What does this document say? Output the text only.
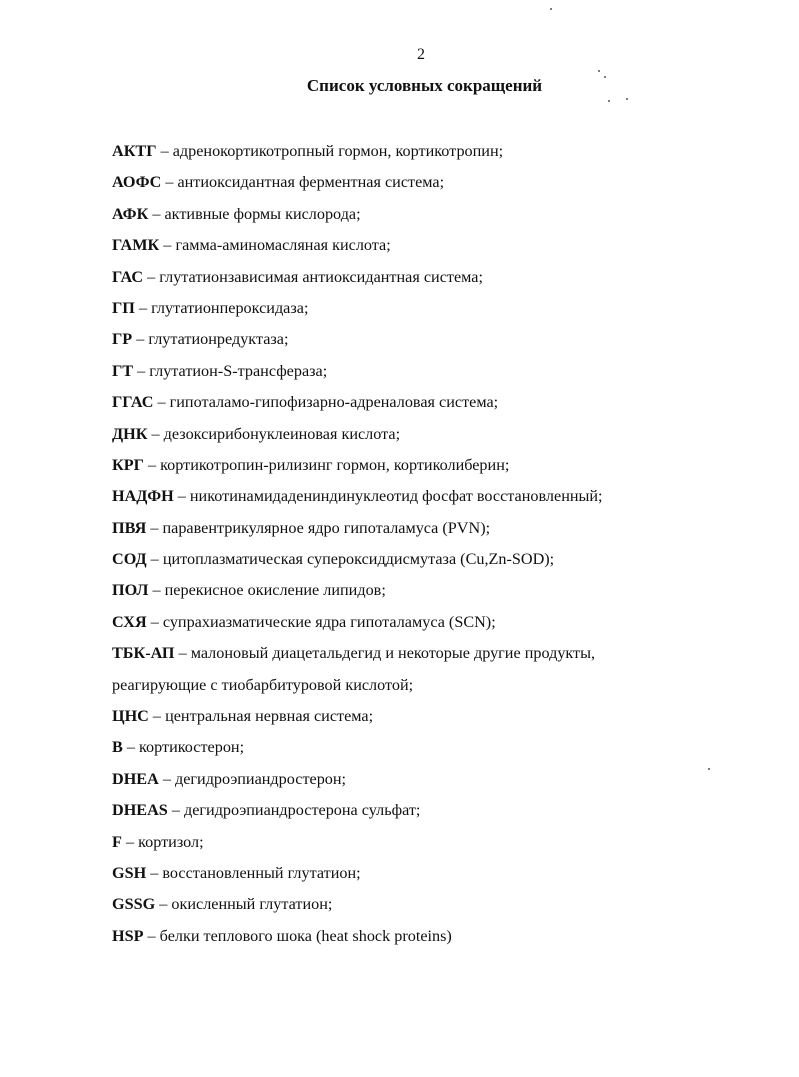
2
Список условных сокращений
АКТГ – адренокортикотропный гормон, кортикотропин;
АОФС – антиоксидантная ферментная система;
АФК – активные формы кислорода;
ГАМК – гамма-аминомасляная кислота;
ГАС – глутатионзависимая антиоксидантная система;
ГП – глутатионпероксидаза;
ГР – глутатионредуктаза;
ГТ – глутатион-S-трансфераза;
ГГАС – гипоталамо-гипофизарно-адреналовая система;
ДНК – дезоксирибонуклеиновая кислота;
КРГ – кортикотропин-рилизинг гормон, кортиколиберин;
НАДФН – никотинамидадениндинуклеотид фосфат восстановленный;
ПВЯ – паравентрикулярное ядро гипоталамуса (PVN);
СОД – цитоплазматическая супероксиддисмутаза (Cu,Zn-SOD);
ПОЛ – перекисное окисление липидов;
СХЯ – супрахиазматические ядра гипоталамуса (SCN);
ТБК-АП – малоновый диацетальдегид и некоторые другие продукты,
реагирующие с тиобарбитуровой кислотой;
ЦНС – центральная нервная система;
B – кортикостерон;
DHEA – дегидроэпиандростерон;
DHEAS – дегидроэпиандростерона сульфат;
F – кортизол;
GSH – восстановленный глутатион;
GSSG – окисленный глутатион;
HSP – белки теплового шока (heat shock proteins)
